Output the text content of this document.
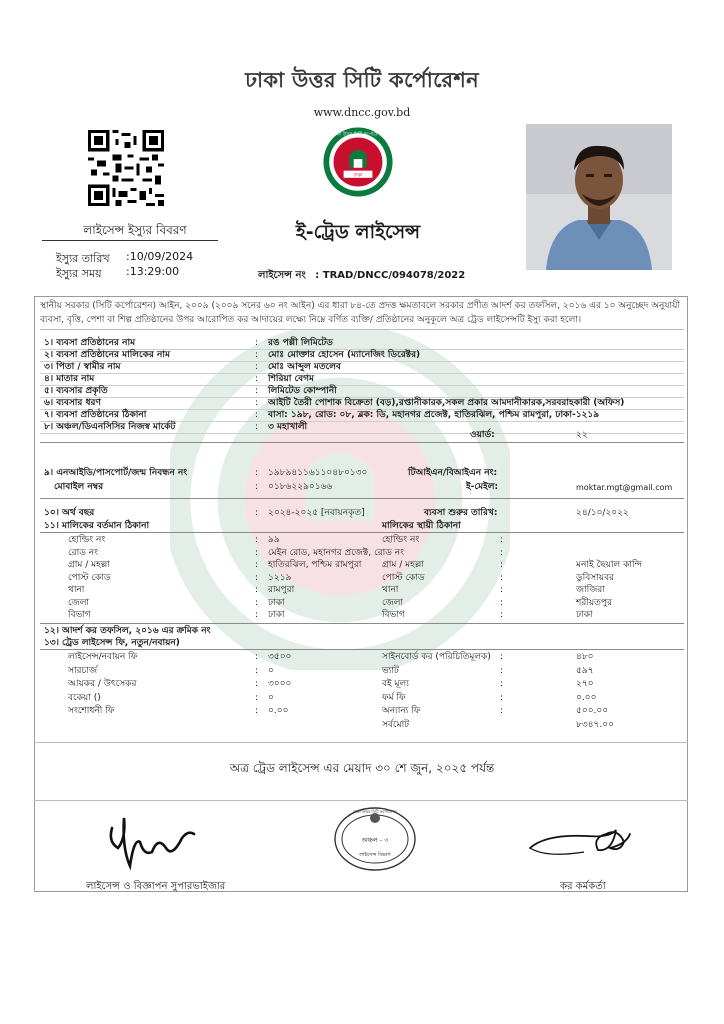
ঢাকা উত্তর সিটি কর্পোরেশন
www.dncc.gov.bd
ঢাকা
ঢাকা উত্তর সিটি কর্পোরেশন
লাইসেন্স ইস্যুর বিবরণ
ইস্যুর তারিখ :10/09/2024
ইস্যুর সময় :13:29:00
ই-ট্রেড লাইসেন্স
লাইসেন্স নং : TRAD/DNCC/094078/2022
স্থানীয় সরকার (সিটি কর্পোরেশন) আইন, ২০০৯ (২০০৯ সনের ৬০ নং আইন) এর ধারা ৮৪-তে প্রদত্ত ক্ষমতাবলে সরকার প্রণীত আদর্শ কর তফসিল, ২০১৬ এর ১০ অনুচ্ছেদ অনুযায়ী ব্যবসা, বৃত্তি, পেশা বা শিল্প প্রতিষ্ঠানের উপর আরোপিত কর আদায়ের লক্ষ্যে নিম্নে বর্ণিত ব্যক্তি/ প্রতিষ্ঠানের অনুকূলে অত্র ট্রেড লাইসেন্সটি ইস্যু করা হলো।
১। ব্যবসা প্রতিষ্ঠানের নাম	: রঙ পল্লী লিমিটেড
২। ব্যবসা প্রতিষ্ঠানের মালিকের নাম	: মোঃ মোক্তার হোসেন (ম্যানেজিং ডিরেক্টর)
৩। পিতা / স্বামীর নাম	: মোঃ আব্দুল মতলেব
৪। মাতার নাম	: শিরিয়া বেগম
৫। ব্যবসার প্রকৃতি	: লিমিটেড কোম্পানী
৬। ব্যবসার ধরণ	: আইটি তৈরী পোশাক বিক্রেতা (বড়),রপ্তানীকারক,সকল প্রকার আমদানীকারক,সরবরাহকারী (অফিস)
৭। ব্যবসা প্রতিষ্ঠানের ঠিকানা	: বাসা: ১৯৮, রোড: ০৮, ব্লক: ডি, মহানগর প্রজেক্ট, হাতিরঝিল, পশ্চিম রামপুরা, ঢাকা-১২১৯
৮। অঞ্চল/ডিএনসিসির নিজস্ব মার্কেট	: ৩ মহাখালী
ওয়ার্ড:	২২
৯। এনআইডি/পাসপোর্ট/জন্ম নিবন্ধন নং	: ১৯৮৯৪১১৬১১০৪৮০১৩০	টিআইএন/বিআইএন নং:
মোবাইল নম্বর	: ০১৮৬২২৯০১৬৬	ই-মেইল:	moktar.mgt@gmail.com
১০। অর্থ বছর	: ২০২৪-২০২৫ [নবায়নকৃত]	ব্যবসা শুরুর তারিখ:	২৪/১০/২০২২
১১। মালিকের বর্তমান ঠিকানা	মালিকের স্থায়ী ঠিকানা
হোল্ডিং নং	: ৯৯	হোল্ডিং নং	:
রোড নং	: মেইন রোড, মহানগর প্রজেক্ট, রোড নং	:
গ্রাম / মহল্লা	: হাতিরঝিল, পশ্চিম রামপুরা গ্রাম / মহল্লা	:	মনাই ছৈয়াল কান্দি
পোস্ট কোড	: ১২১৯	পোস্ট কোড	:	ডুবিসায়বর
থানা	: রামপুরা	থানা	:	জাজিরা
জেলা	: ঢাকা	জেলা	:	শরীয়তপুর
বিভাগ	: ঢাকা	বিভাগ	:	ঢাকা
১২। আদর্শ কর তফসিল, ২০১৬ এর ক্রমিক নং
১৩। ট্রেড লাইসেন্স ফি, নতুন/নবায়ন)
লাইসেন্স/নবায়ন ফি	: ৩৫০০	সাইনবোর্ড কর (পরিচিতিমূলক) :	৪৮০
সারচার্জ	: ০	ভ্যাট	:	৫৯৭
আয়কর / উৎসেকর	: ৩০০০	বই মূল্য	:	২৭০
বকেয়া ()	: ০	ফর্ম ফি	:	০.০০
সংশোধনী ফি	: ০.০০	অন্যান্য ফি	:	৫০০.০০
সর্বমোট	৮৩৪৭.০০
অত্র ট্রেড লাইসেন্স এর মেয়াদ ৩০ শে জুন, ২০২৫ পর্যন্ত
লাইসেন্স ও বিজ্ঞাপন সুপারভাইজার
অঞ্চল - ৩
লাইসেন্স বিভাগ
ঢাকা উত্তর সিটি কর্পোরেশন
কর কর্মকর্তা
